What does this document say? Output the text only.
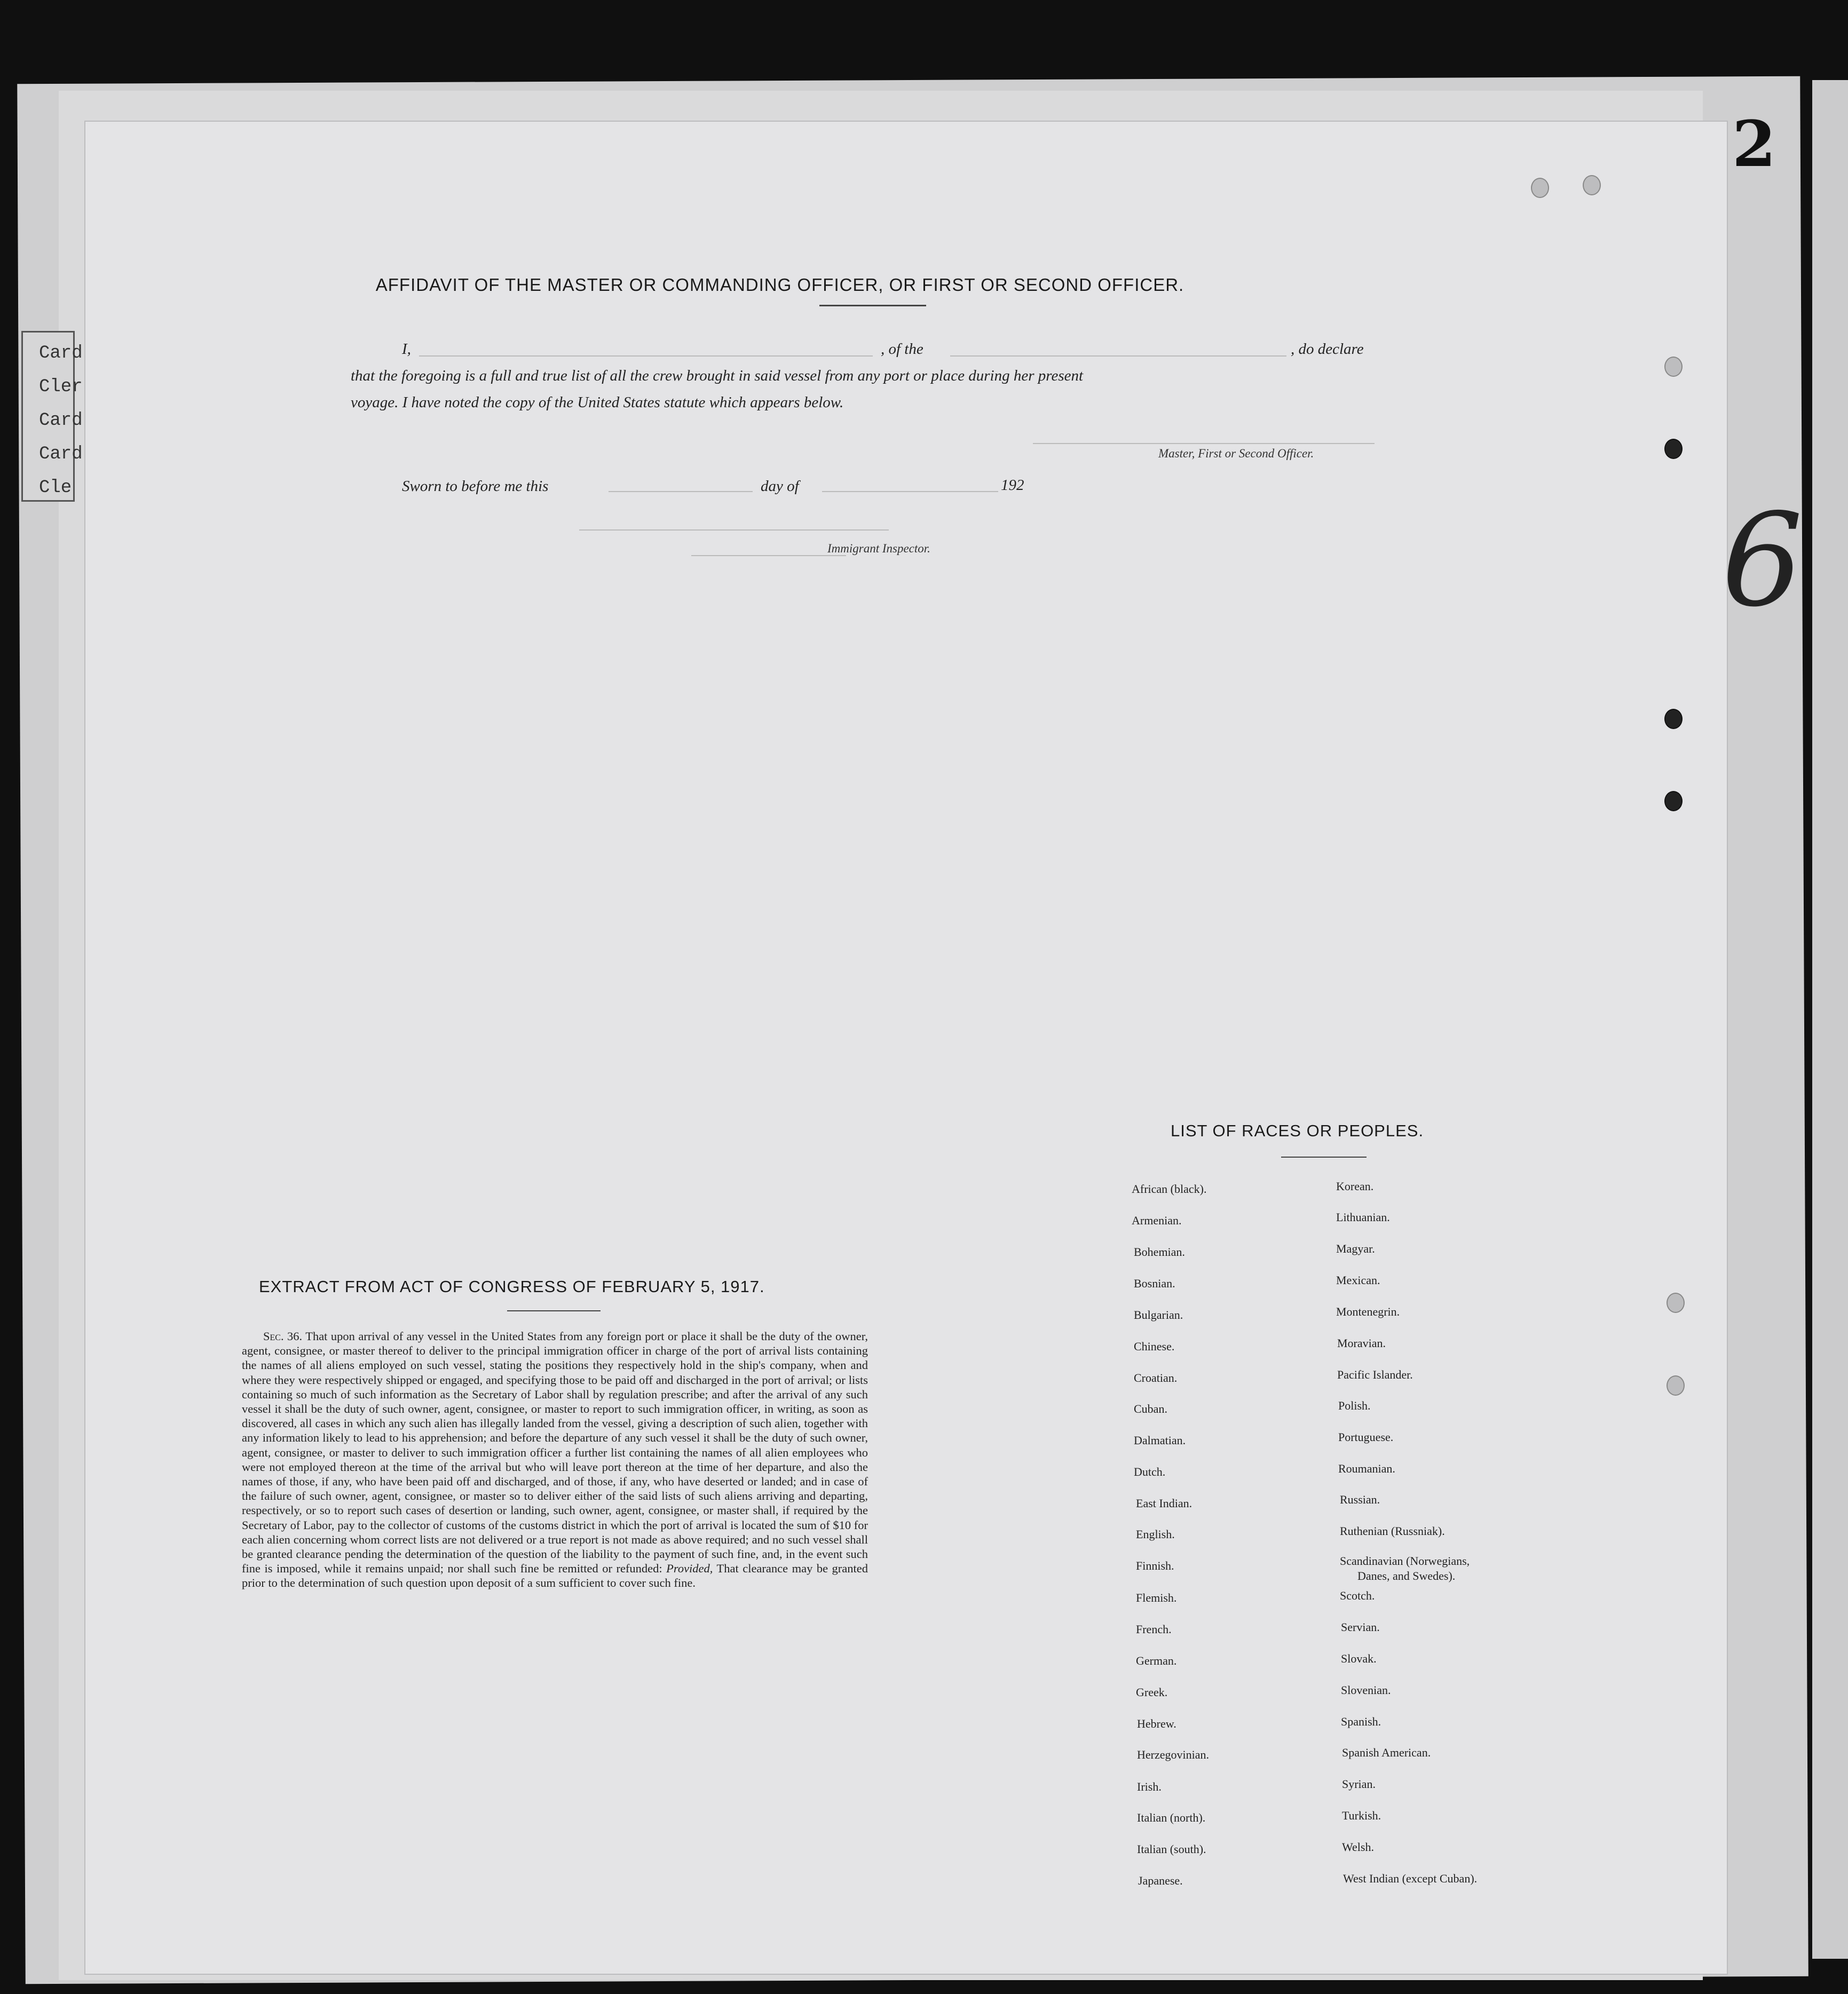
Card
Cler
Card
Card
Cle
2
6
AFFIDAVIT OF THE MASTER OR COMMANDING OFFICER, OR FIRST OR SECOND OFFICER.
I,	, of the	, do declare
that the foregoing is a full and true list of all the crew brought in said vessel from any port or place during her present
voyage. I have noted the copy of the United States statute which appears below.
Master, First or Second Officer.
Sworn to before me this	day of	192
Immigrant Inspector.
EXTRACT FROM ACT OF CONGRESS OF FEBRUARY 5, 1917.
Sec. 36. That upon arrival of any vessel in the United States from any foreign port or place it shall be the duty of the owner, agent, consignee, or master thereof to deliver to the principal immigration officer in charge of the port of arrival lists containing the names of all aliens employed on such vessel, stating the positions they respectively hold in the ship's company, when and where they were respectively shipped or engaged, and specifying those to be paid off and discharged in the port of arrival; or lists containing so much of such information as the Secretary of Labor shall by regulation prescribe; and after the arrival of any such vessel it shall be the duty of such owner, agent, consignee, or master to report to such immigration officer, in writing, as soon as discovered, all cases in which any such alien has illegally landed from the vessel, giving a description of such alien, together with any information likely to lead to his apprehension; and before the departure of any such vessel it shall be the duty of such owner, agent, consignee, or master to deliver to such immigration officer a further list containing the names of all alien employees who were not employed thereon at the time of the arrival but who will leave port thereon at the time of her departure, and also the names of those, if any, who have been paid off and discharged, and of those, if any, who have deserted or landed; and in case of the failure of such owner, agent, consignee, or master so to deliver either of the said lists of such aliens arriving and departing, respectively, or so to report such cases of desertion or landing, such owner, agent, consignee, or master shall, if required by the Secretary of Labor, pay to the collector of customs of the customs district in which the port of arrival is located the sum of $10 for each alien concerning whom correct lists are not delivered or a true report is not made as above required; and no such vessel shall be granted clearance pending the determination of the question of the liability to the payment of such fine, and, in the event such fine is imposed, while it remains unpaid; nor shall such fine be remitted or refunded: Provided, That clearance may be granted prior to the determination of such question upon deposit of a sum sufficient to cover such fine.
LIST OF RACES OR PEOPLES.
African (black).
Armenian.
Bohemian.
Bosnian.
Bulgarian.
Chinese.
Croatian.
Cuban.
Dalmatian.
Dutch.
East Indian.
English.
Finnish.
Flemish.
French.
German.
Greek.
Hebrew.
Herzegovinian.
Irish.
Italian (north).
Italian (south).
Japanese.
Korean.
Lithuanian.
Magyar.
Mexican.
Montenegrin.
Moravian.
Pacific Islander.
Polish.
Portuguese.
Roumanian.
Russian.
Ruthenian (Russniak).
Scandinavian (Norwegians,
Danes, and Swedes).
Scotch.
Servian.
Slovak.
Slovenian.
Spanish.
Spanish American.
Syrian.
Turkish.
Welsh.
West Indian (except Cuban).
